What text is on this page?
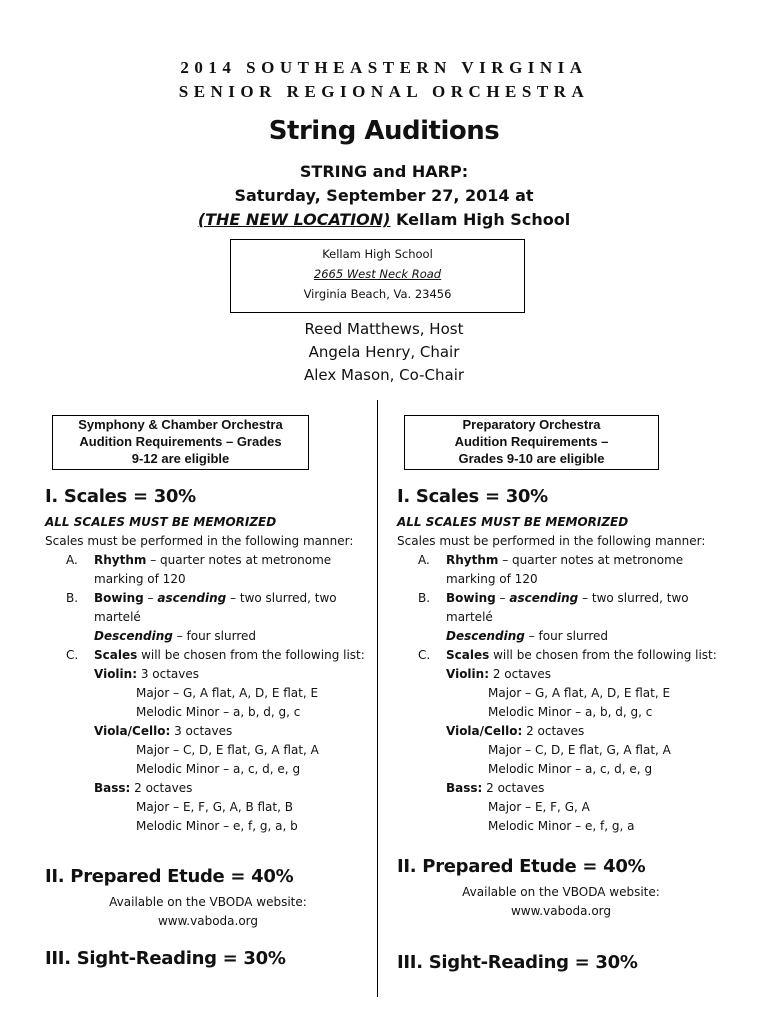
2014 SOUTHEASTERN VIRGINIA
SENIOR REGIONAL ORCHESTRA
String Auditions
STRING and HARP:
Saturday, September 27, 2014 at
(THE NEW LOCATION) Kellam High School
Kellam High School
2665 West Neck Road
Virginia Beach, Va. 23456
Reed Matthews, Host
Angela Henry, Chair
Alex Mason, Co-Chair
Symphony & Chamber Orchestra
Audition Requirements – Grades
9-12 are eligible
I. Scales = 30%
ALL SCALES MUST BE MEMORIZED
Scales must be performed in the following manner:
A. Rhythm – quarter notes at metronome
marking of 120
B. Bowing – ascending – two slurred, two
martelé
Descending – four slurred
C. Scales will be chosen from the following list:
Violin: 3 octaves
Major – G, A flat, A, D, E flat, E
Melodic Minor – a, b, d, g, c
Viola/Cello: 3 octaves
Major – C, D, E flat, G, A flat, A
Melodic Minor – a, c, d, e, g
Bass: 2 octaves
Major – E, F, G, A, B flat, B
Melodic Minor – e, f, g, a, b
II. Prepared Etude = 40%
Available on the VBODA website:
www.vaboda.org
III. Sight-Reading = 30%
Preparatory Orchestra
Audition Requirements –
Grades 9-10 are eligible
I. Scales = 30%
ALL SCALES MUST BE MEMORIZED
Scales must be performed in the following manner:
A. Rhythm – quarter notes at metronome
marking of 120
B. Bowing – ascending – two slurred, two
martelé
Descending – four slurred
C. Scales will be chosen from the following list:
Violin: 2 octaves
Major – G, A flat, A, D, E flat, E
Melodic Minor – a, b, d, g, c
Viola/Cello: 2 octaves
Major – C, D, E flat, G, A flat, A
Melodic Minor – a, c, d, e, g
Bass: 2 octaves
Major – E, F, G, A
Melodic Minor – e, f, g, a
II. Prepared Etude = 40%
Available on the VBODA website:
www.vaboda.org
III. Sight-Reading = 30%
